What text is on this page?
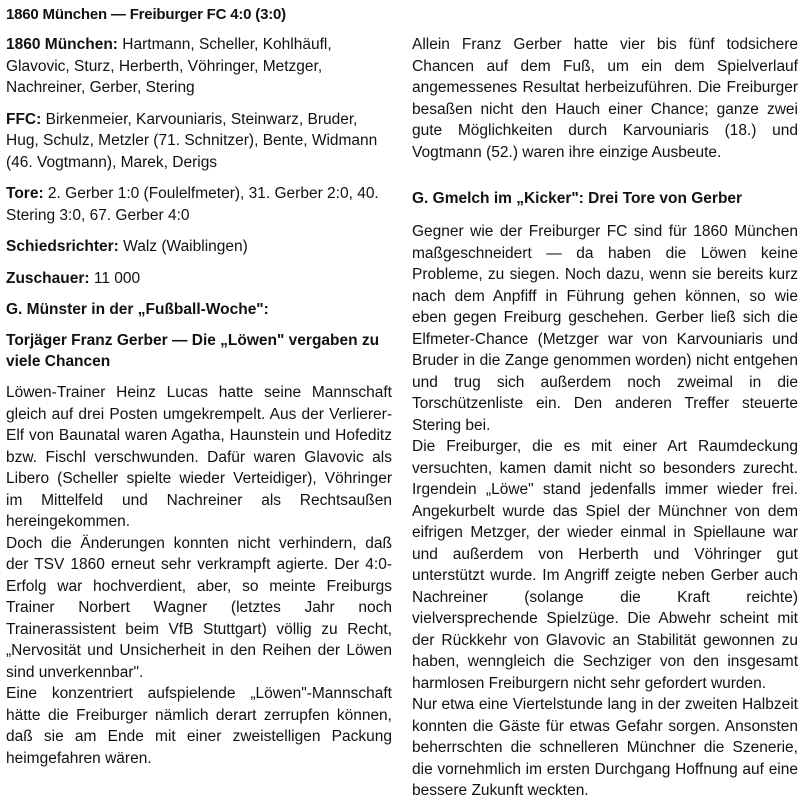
1860 München — Freiburger FC 4:0 (3:0)

1860 München: Hartmann, Scheller, Kohlhäufl, Glavovic, Sturz, Herberth, Vöhringer, Metzger, Nachreiner, Gerber, Stering

FFC: Birkenmeier, Karvouniaris, Steinwarz, Bruder, Hug, Schulz, Metzler (71. Schnitzer), Bente, Widmann (46. Vogtmann), Marek, Derigs

Tore: 2. Gerber 1:0 (Foulelfmeter), 31. Gerber 2:0, 40. Stering 3:0, 67. Gerber 4:0

Schiedsrichter: Walz (Waiblingen)

Zuschauer: 11 000

G. Münster in der „Fußball-Woche":

Torjäger Franz Gerber — Die „Löwen" vergaben zu viele Chancen

Löwen-Trainer Heinz Lucas hatte seine Mannschaft gleich auf drei Posten umgekrempelt. Aus der Verlierer-Elf von Baunatal waren Agatha, Haunstein und Hofeditz bzw. Fischl verschwunden. Dafür waren Glavovic als Libero (Scheller spielte wieder Verteidiger), Vöhringer im Mittelfeld und Nachreiner als Rechtsaußen hereingekommen.

Doch die Änderungen konnten nicht verhindern, daß der TSV 1860 erneut sehr verkrampft agierte. Der 4:0-Erfolg war hochverdient, aber, so meinte Freiburgs Trainer Norbert Wagner (letztes Jahr noch Trainerassistent beim VfB Stuttgart) völlig zu Recht, „Nervosität und Unsicherheit in den Reihen der Löwen sind unverkennbar".

Eine konzentriert aufspielende „Löwen"-Mannschaft hätte die Freiburger nämlich derart zerrupfen können, daß sie am Ende mit einer zweistelligen Packung heimgefahren wären.

Allein Franz Gerber hatte vier bis fünf todsichere Chancen auf dem Fuß, um ein dem Spielverlauf angemessenes Resultat herbeizuführen. Die Freiburger besaßen nicht den Hauch einer Chance; ganze zwei gute Möglichkeiten durch Karvouniaris (18.) und Vogtmann (52.) waren ihre einzige Ausbeute.

G. Gmelch im „Kicker": Drei Tore von Gerber

Gegner wie der Freiburger FC sind für 1860 München maßgeschneidert — da haben die Löwen keine Probleme, zu siegen. Noch dazu, wenn sie bereits kurz nach dem Anpfiff in Führung gehen können, so wie eben gegen Freiburg geschehen. Gerber ließ sich die Elfmeter-Chance (Metzger war von Karvouniaris und Bruder in die Zange genommen worden) nicht entgehen und trug sich außerdem noch zweimal in die Torschützenliste ein. Den anderen Treffer steuerte Stering bei.

Die Freiburger, die es mit einer Art Raumdeckung versuchten, kamen damit nicht so besonders zurecht. Irgendein „Löwe" stand jedenfalls immer wieder frei. Angekurbelt wurde das Spiel der Münchner von dem eifrigen Metzger, der wieder einmal in Spiellaune war und außerdem von Herberth und Vöhringer gut unterstützt wurde. Im Angriff zeigte neben Gerber auch Nachreiner (solange die Kraft reichte) vielversprechende Spielzüge. Die Abwehr scheint mit der Rückkehr von Glavovic an Stabilität gewonnen zu haben, wenngleich die Sechziger von den insgesamt harmlosen Freiburgern nicht sehr gefordert wurden.

Nur etwa eine Viertelstunde lang in der zweiten Halbzeit konnten die Gäste für etwas Gefahr sorgen. Ansonsten beherrschten die schnelleren Münchner die Szenerie, die vornehmlich im ersten Durchgang Hoffnung auf eine bessere Zukunft weckten.
